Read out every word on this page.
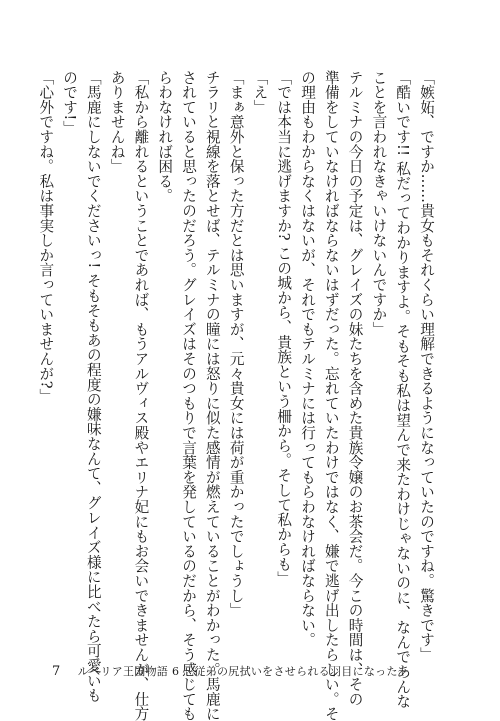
「嫉妬、ですか……貴女もそれくらい理解できるようになっていたのですね。驚きです」
「酷いです!! 私だってわかりますよ。そもそも私は望んで来たわけじゃないのに、なんであんな
ことを言われなきゃいけないんですか」
テルミナの今日の予定は、グレイズの妹たちを含めた貴族令嬢のお茶会だ。今この時間は、その
準備をしていなければならないはずだった。忘れていたわけではなく、嫌で逃げ出したらしい。そ
の理由もわからなくはないが、それでもテルミナには行ってもらわなければならない。
「では本当に逃げますか? この城から、貴族という柵から。そして私からも」
「え」
「まぁ意外と保った方だとは思いますが、元々貴女には荷が重かったでしょうし」
チラリと視線を落とせば、テルミナの瞳には怒りに似た感情が燃えていることがわかった。馬鹿に
されていると思ったのだろう。グレイズはそのつもりで言葉を発しているのだから、そう感じても
らわなければ困る。
「私から離れるということであれば、もうアルヴィス殿やエリナ妃にもお会いできませんが、仕方
ありませんね」
「馬鹿にしないでくださいっ! そもそもあの程度の嫌味なんて、グレイズ様に比べたら可愛いも
のです!」
「心外ですね。私は事実しか言っていませんが?」
7 ルベリア王国物語 6 〜従弟の尻拭いをさせられる羽目になった〜
